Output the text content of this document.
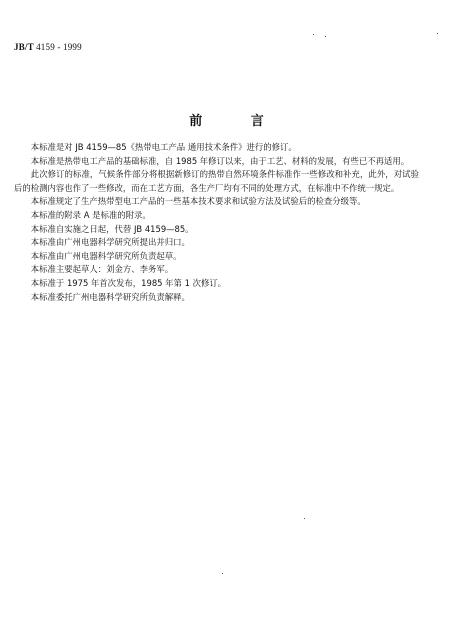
JB/T 4159 - 1999
前 言

本标准是对 JB 4159—85《热带电工产品 通用技术条件》进行的修订。

本标准是热带电工产品的基础标准，自 1985 年修订以来，由于工艺、材料的发展，有些已不再适用。

此次修订的标准，气候条件部分将根据新修订的热带自然环境条件标准作一些修改和补充，此外，对试验后的检测内容也作了一些修改，而在工艺方面，各生产厂均有不同的处理方式，在标准中不作统一规定。

本标准规定了生产热带型电工产品的一些基本技术要求和试验方法及试验后的检查分级等。

本标准的附录 A 是标准的附录。

本标准自实施之日起，代替 JB 4159—85。

本标准由广州电器科学研究所提出并归口。

本标准由广州电器科学研究所负责起草。

本标准主要起草人：刘金方、李务军。

本标准于 1975 年首次发布，1985 年第 1 次修订。

本标准委托广州电器科学研究所负责解释。
